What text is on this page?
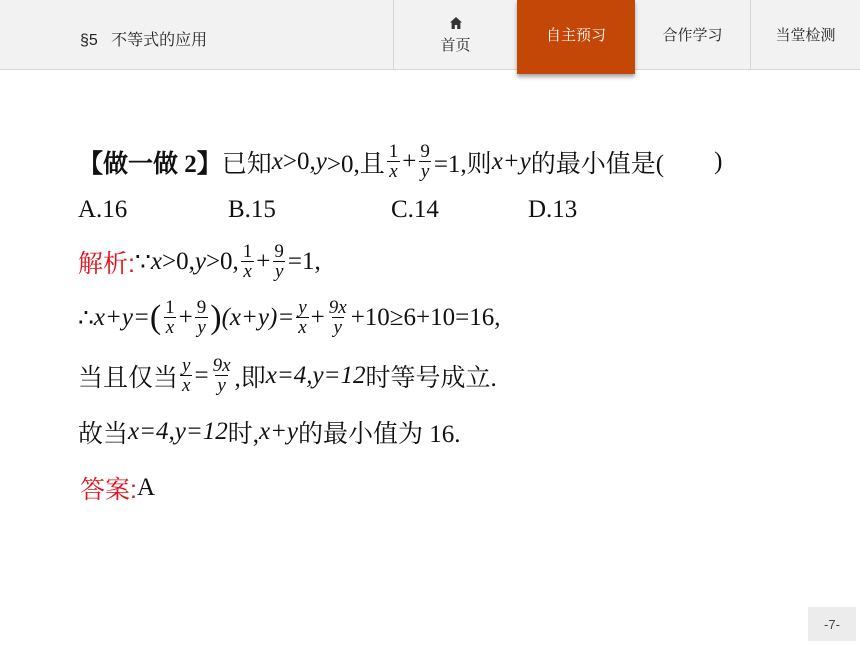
§5   不等式的应用	首页
自主预习	合作学习	当堂检测
【做一做 2】 已知 x >0, y >0,且 $\frac{1}{x} + \frac{9}{y} =1$,则 x+y 的最小值是( )
A.16	B.15	C.14	D.13
解析: ∵ x >0, y >0, $\frac{1}{x} + \frac{9}{y} =1$,
∴ x+y= ( $\frac{1}{x} + \frac{9}{y}$ ) $(x+y)= \frac{y}{x} + \frac{9x}{y} +10\ge 6+10=16$,
当且仅当 $\frac{y}{x} = \frac{9x}{y}$ ,即 x=4,y=12 时等号成立.
故当 x=4,y=12 时, x+y 的最小值为 16.
答案: A
-7-
